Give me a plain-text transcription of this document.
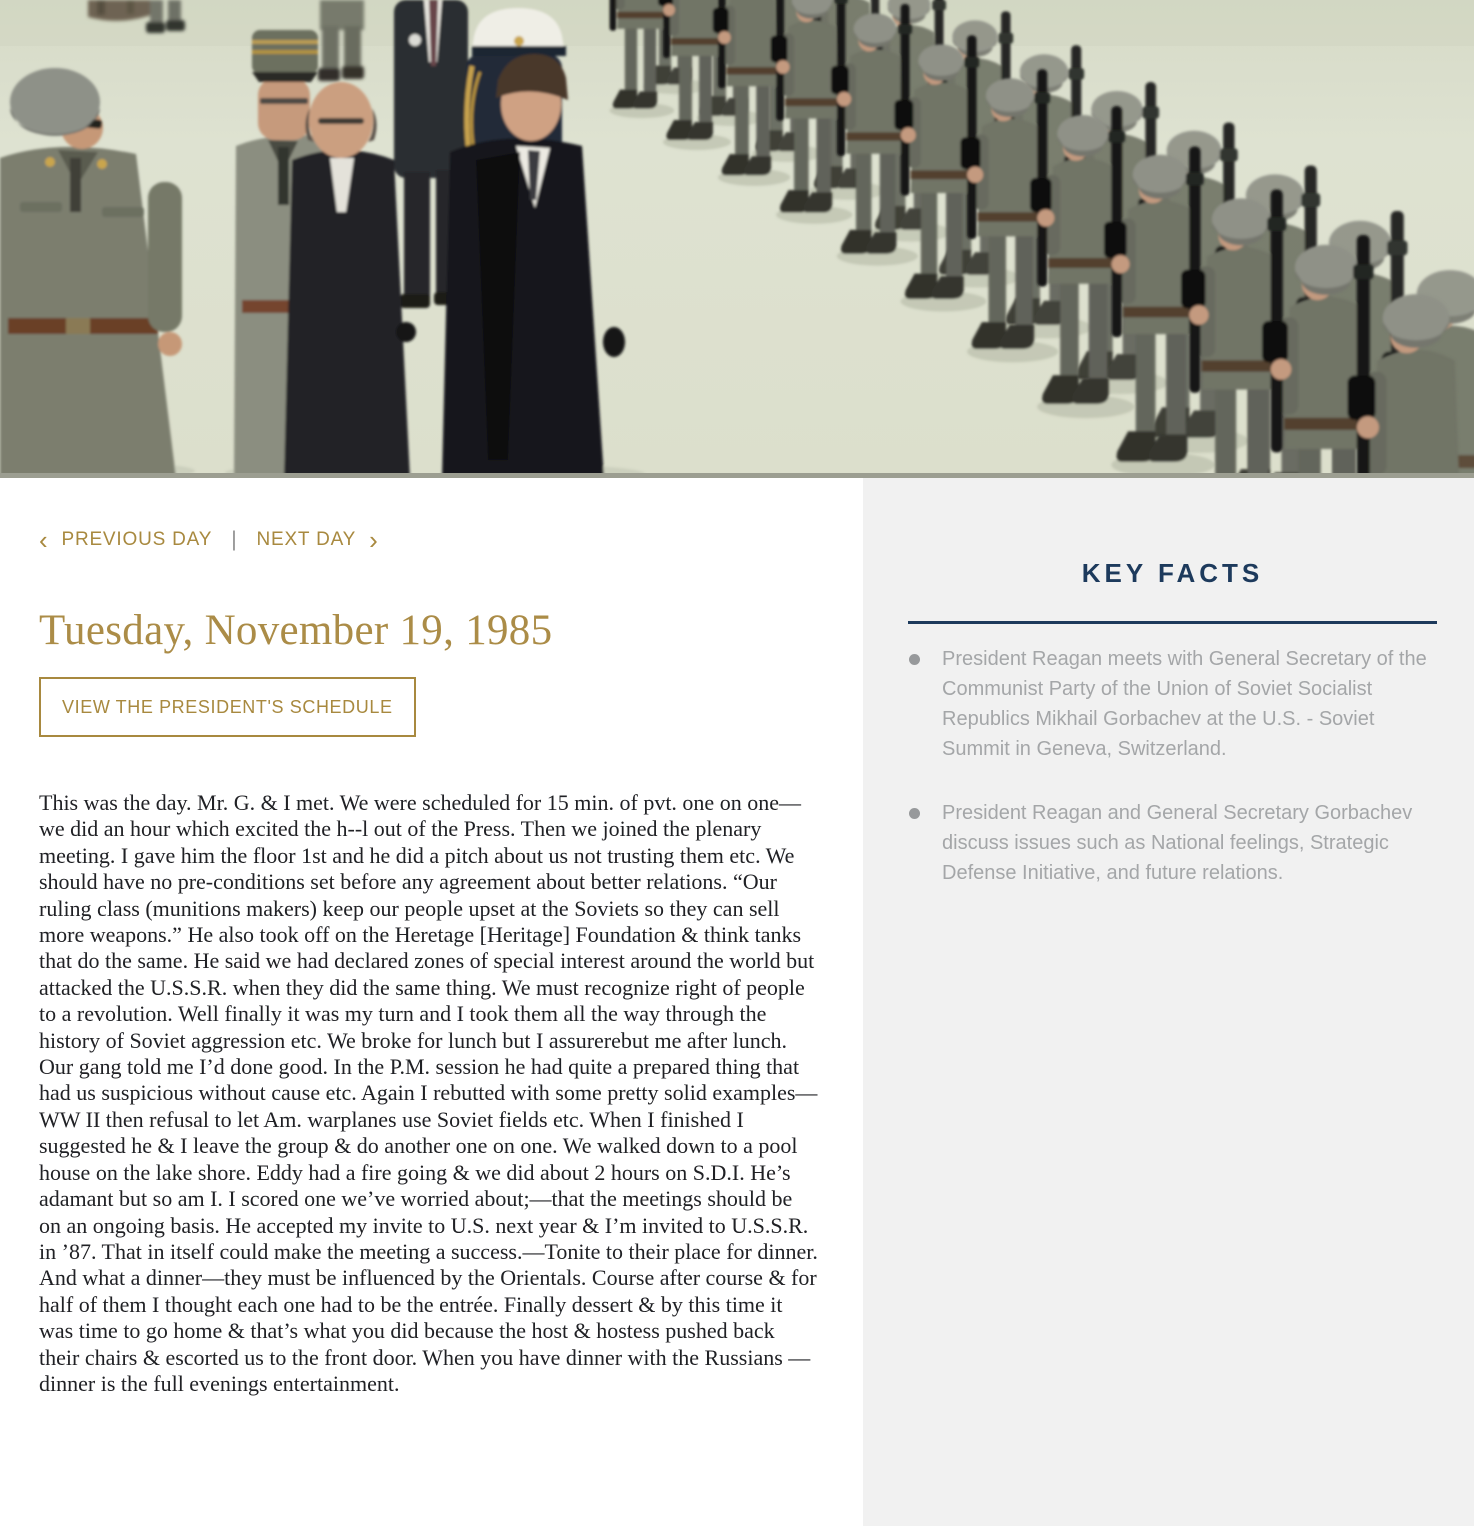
‹ PREVIOUS DAY | NEXT DAY ›
Tuesday, November 19, 1985
VIEW THE PRESIDENT'S SCHEDULE

This was the day. Mr. G. & I met. We were scheduled for 15 min. of pvt. one on one—we did an hour which excited the h--l out of the Press. Then we joined the plenary meeting. I gave him the floor 1st and he did a pitch about us not trusting them etc. We should have no pre-conditions set before any agreement about better relations. “Our ruling class (munitions makers) keep our people upset at the Soviets so they can sell more weapons.” He also took off on the Heretage [Heritage] Foundation & think tanks that do the same. He said we had declared zones of special interest around the world but attacked the U.S.S.R. when they did the same thing. We must recognize right of people to a revolution. Well finally it was my turn and I took them all the way through the history of Soviet aggression etc. We broke for lunch but I assurerebut me after lunch. Our gang told me I’d done good. In the P.M. session he had quite a prepared thing that had us suspicious without cause etc. Again I rebutted with some pretty solid examples—WW II then refusal to let Am. warplanes use Soviet fields etc. When I finished I suggested he & I leave the group & do another one on one. We walked down to a pool house on the lake shore. Eddy had a fire going & we did about 2 hours on S.D.I. He’s adamant but so am I. I scored one we’ve worried about;—that the meetings should be on an ongoing basis. He accepted my invite to U.S. next year & I’m invited to U.S.S.R. in ’87. That in itself could make the meeting a success.—Tonite to their place for dinner. And what a dinner—they must be influenced by the Orientals. Course after course & for half of them I thought each one had to be the entrée. Finally dessert & by this time it was time to go home & that’s what you did because the host & hostess pushed back their chairs & escorted us to the front door. When you have dinner with the Russians —dinner is the full evenings entertainment.

KEY FACTS
President Reagan meets with General Secretary of the Communist Party of the Union of Soviet Socialist Republics Mikhail Gorbachev at the U.S. - Soviet Summit in Geneva, Switzerland.
President Reagan and General Secretary Gorbachev discuss issues such as National feelings, Strategic Defense Initiative, and future relations.
